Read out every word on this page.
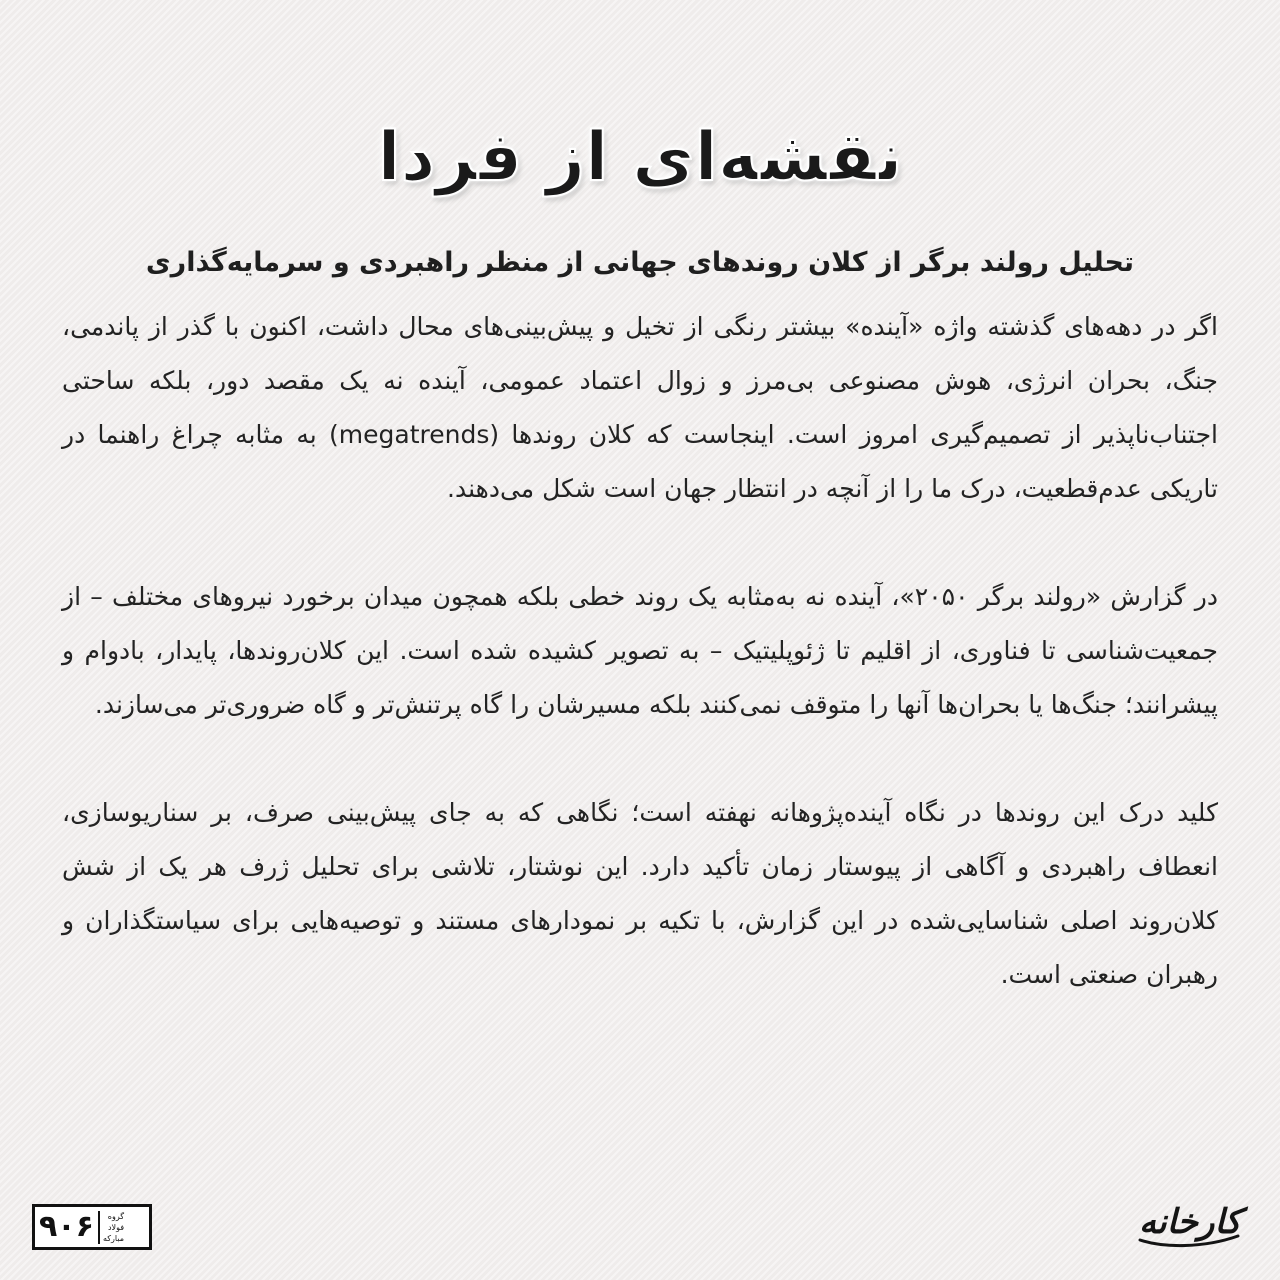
نقشه‌ای از فردا
تحلیل رولند برگر از کلان روندهای جهانی از منظر راهبردی و سرمایه‌گذاری

اگر در دهه‌های گذشته واژه «آینده» بیشتر رنگی از تخیل و پیش‌بینی‌های محال داشت، اکنون با گذر از پاندمی، جنگ، بحران انرژی، هوش مصنوعی بی‌مرز و زوال اعتماد عمومی، آینده نه یک مقصد دور، بلکه ساحتی اجتناب‌ناپذیر از تصمیم‌گیری امروز است. اینجاست که کلان روندها (megatrends) به مثابه چراغ راهنما در تاریکی عدم‌قطعیت، درک ما را از آنچه در انتظار جهان است شکل می‌دهند.

در گزارش «رولند برگر ۲۰۵۰»، آینده نه به‌مثابه یک روند خطی بلکه همچون میدان برخورد نیروهای مختلف – از جمعیت‌شناسی تا فناوری، از اقلیم تا ژئوپلیتیک – به تصویر کشیده شده است. این کلان‌روندها، پایدار، بادوام و پیشرانند؛ جنگ‌ها یا بحران‌ها آنها را متوقف نمی‌کنند بلکه مسیرشان را گاه پرتنش‌تر و گاه ضروری‌تر می‌سازند.

کلید درک این روندها در نگاه آینده‌پژوهانه نهفته است؛ نگاهی که به جای پیش‌بینی صرف، بر سناریوسازی، انعطاف راهبردی و آگاهی از پیوستار زمان تأکید دارد. این نوشتار، تلاشی برای تحلیل ژرف هر یک از شش کلان‌روند اصلی شناسایی‌شده در این گزارش، با تکیه بر نمودارهای مستند و توصیه‌هایی برای سیاستگذاران و رهبران صنعتی است.

۹۰۶	گروه
فولاد
مبارکه	کارخانه
